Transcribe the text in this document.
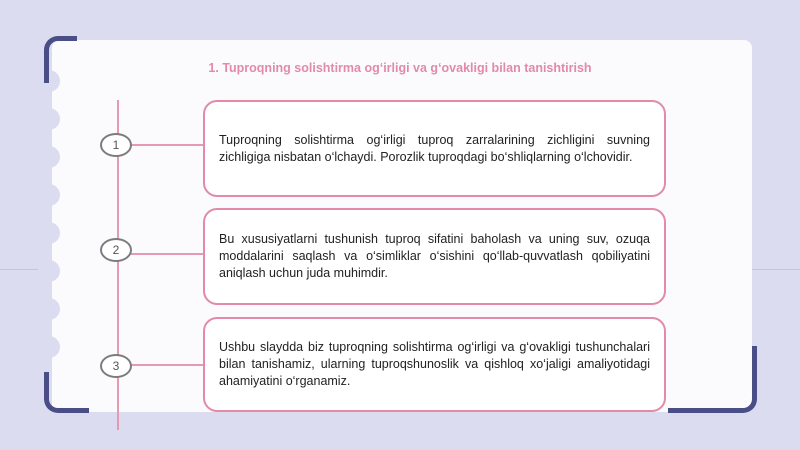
1. Tuproqning solishtirma og‘irligi va g‘ovakligi bilan tanishtirish
1	Tuproqning solishtirma og‘irligi tuproq zarralarining zichligini suvning zichligiga nisbatan o‘lchaydi. Porozlik tuproqdagi bo‘shliqlarning o‘lchovidir.

2

Bu xususiyatlarni tushunish tuproq sifatini baholash va uning suv, ozuqa moddalarini saqlash va o‘simliklar o‘sishini qo‘llab-quvvatlash qobiliyatini aniqlash uchun juda muhimdir.

3

Ushbu slaydda biz tuproqning solishtirma og‘irligi va g‘ovakligi tushunchalari bilan tanishamiz, ularning tuproqshunoslik va qishloq xo‘jaligi amaliyotidagi ahamiyatini o‘rganamiz.
